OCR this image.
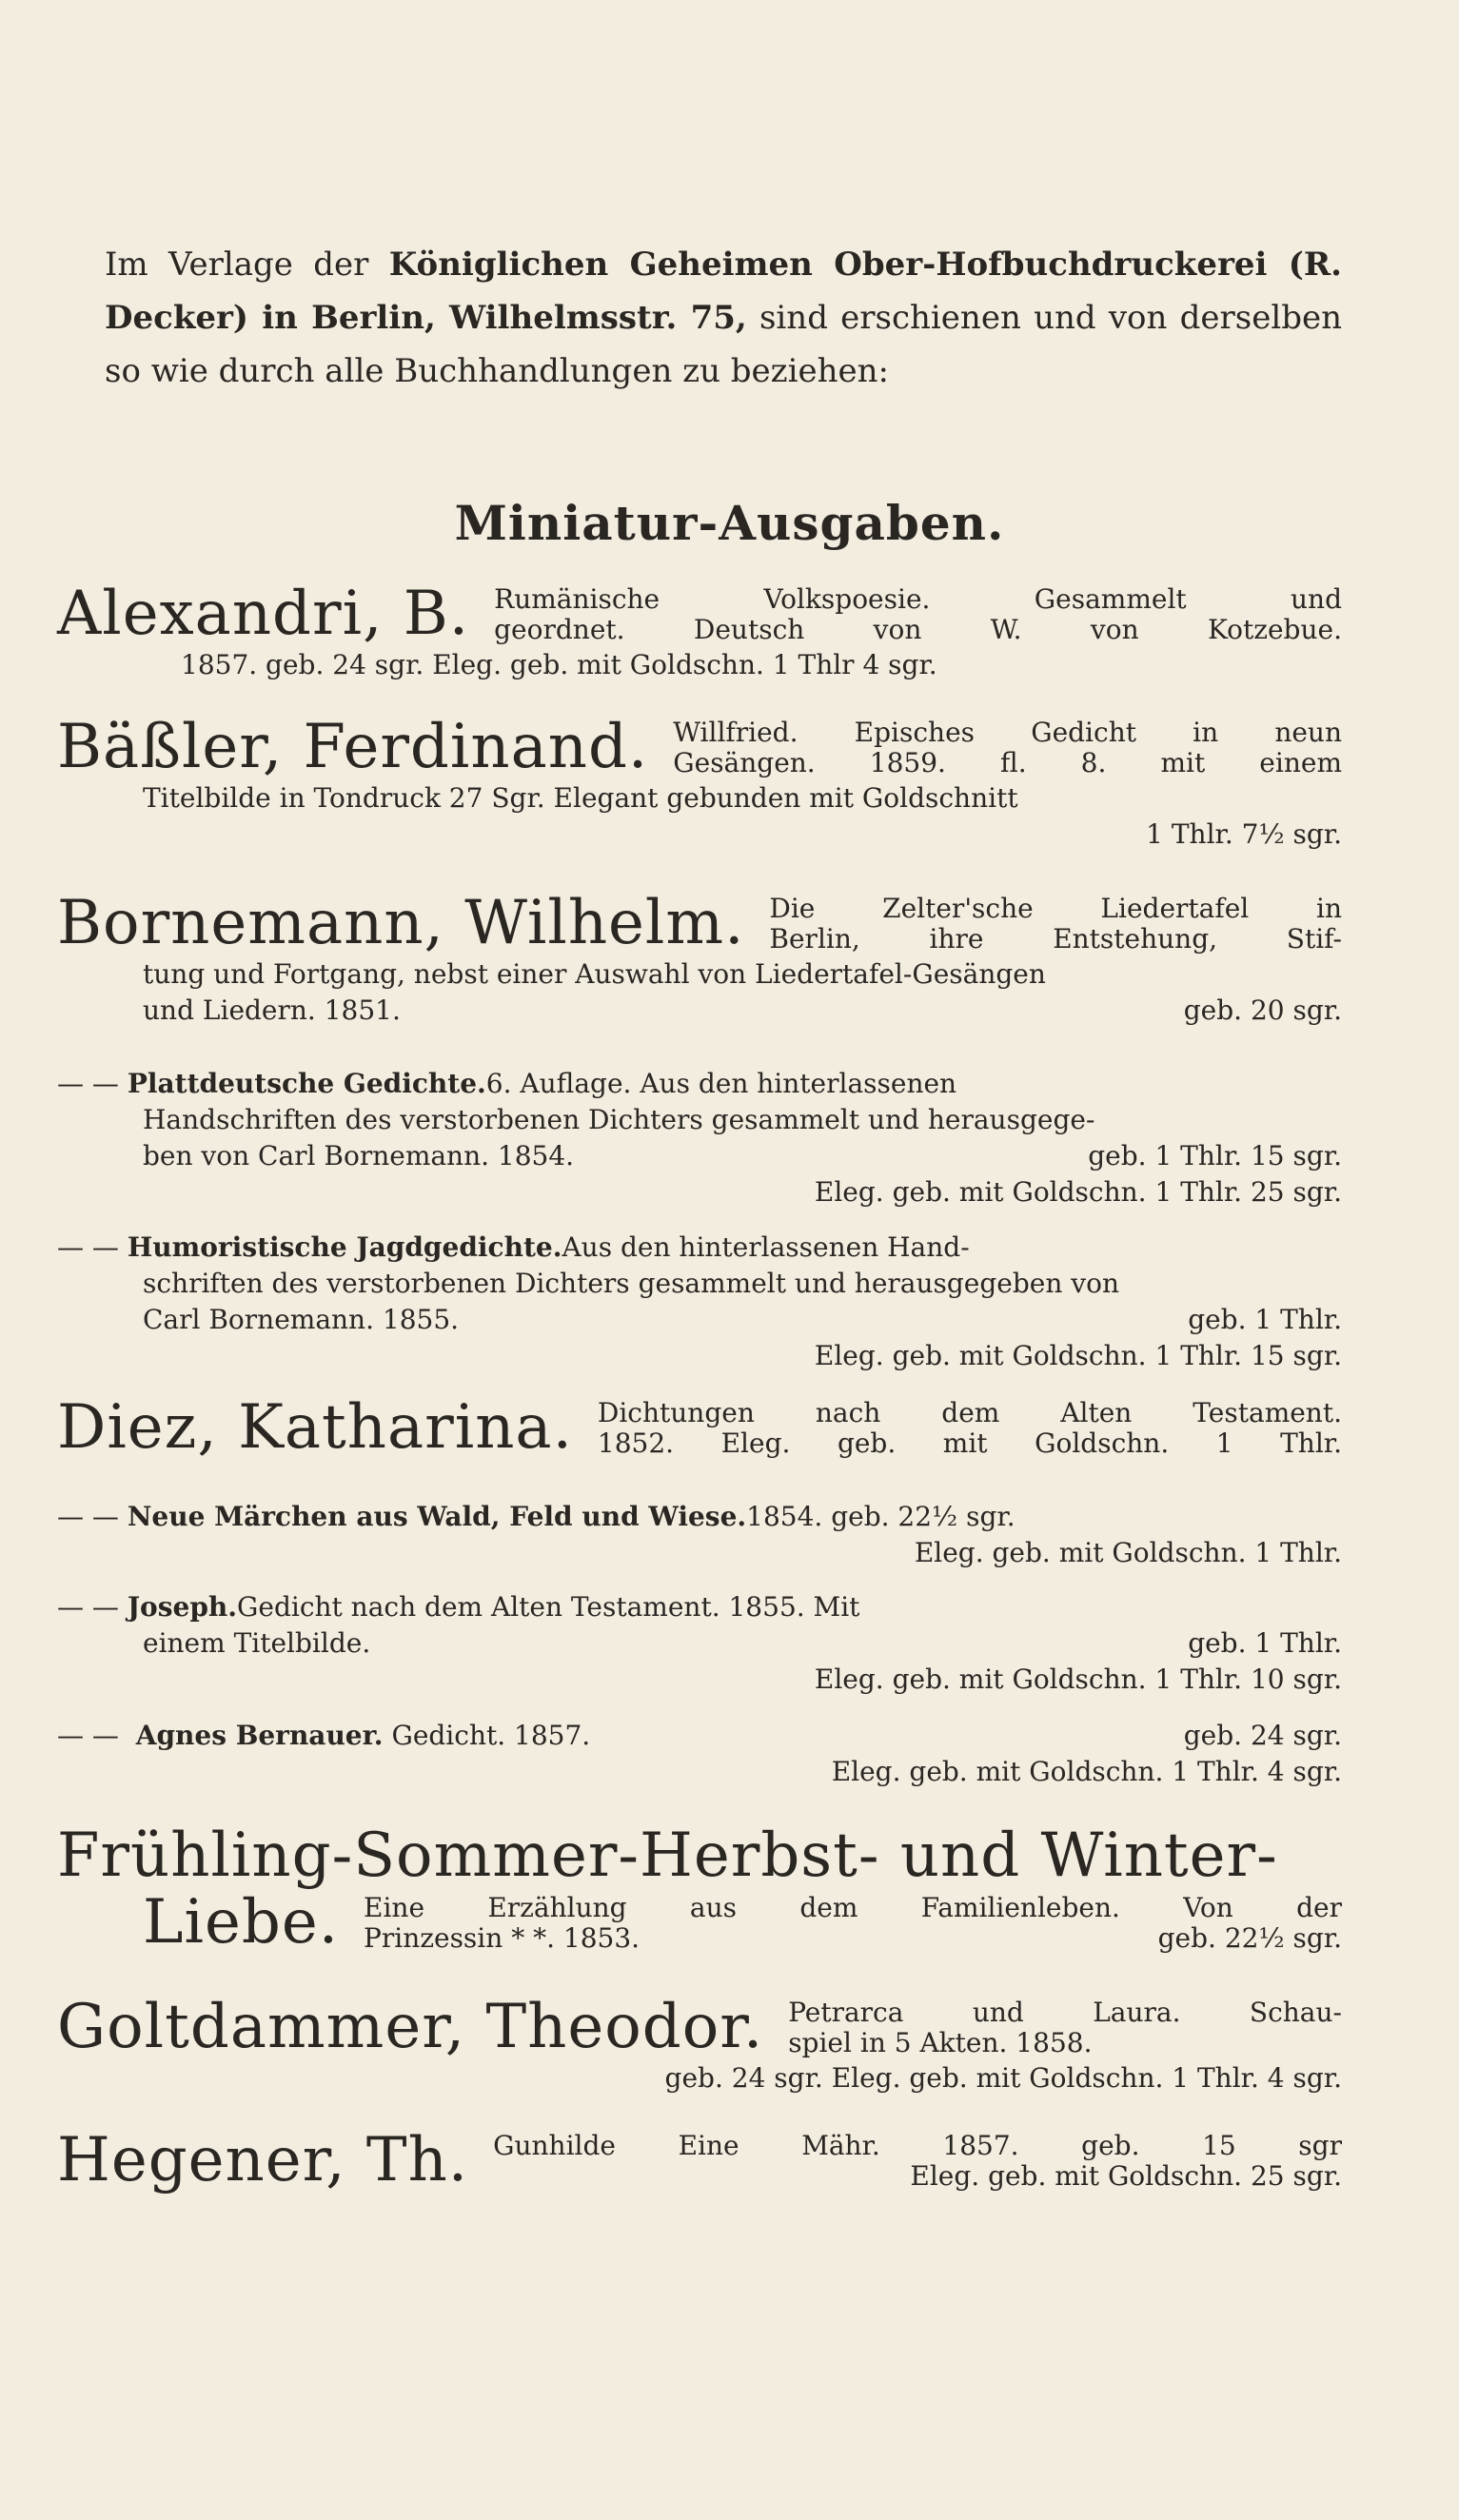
Im Verlage der Königlichen Geheimen Ober-Hofbuchdruckerei (R. Decker) in Berlin, Wilhelmsstr. 75, sind erschienen und von derselben so wie durch alle Buchhandlungen zu beziehen:
Miniatur-Ausgaben.
Alexandri, B. Rumänische Volkspoesie. Gesammelt und
geordnet. Deutsch von W. von Kotzebue.
1857. geb. 24 sgr. Eleg. geb. mit Goldschn. 1 Thlr 4 sgr.
Bäßler, Ferdinand. Willfried. Episches Gedicht in neun
Gesängen. 1859. fl. 8. mit einem
Titelbilde in Tondruck 27 Sgr. Elegant gebunden mit Goldschnitt
1 Thlr. 7½ sgr.
Bornemann, Wilhelm. Die Zelter'sche Liedertafel in
Berlin, ihre Entstehung, Stif-
tung und Fortgang, nebst einer Auswahl von Liedertafel-Gesängen
und Liedern. 1851.	geb. 20 sgr.
— —
Plattdeutsche Gedichte. 6. Auflage. Aus den hinterlassenen
Handschriften des verstorbenen Dichters gesammelt und herausgege-
ben von Carl Bornemann. 1854.	geb. 1 Thlr. 15 sgr.
Eleg. geb. mit Goldschn. 1 Thlr. 25 sgr.
— —
Humoristische Jagdgedichte. Aus den hinterlassenen Hand-
schriften des verstorbenen Dichters gesammelt und herausgegeben von
Carl Bornemann. 1855.	geb. 1 Thlr.
Eleg. geb. mit Goldschn. 1 Thlr. 15 sgr.
Diez, Katharina. Dichtungen nach dem Alten Testament.
1852. Eleg. geb. mit Goldschn. 1 Thlr.
— —
Neue Märchen aus Wald, Feld und Wiese. 1854. geb. 22½ sgr.
Eleg. geb. mit Goldschn. 1 Thlr.
— —
Joseph. Gedicht nach dem Alten Testament. 1855. Mit
einem Titelbilde.	geb. 1 Thlr.
Eleg. geb. mit Goldschn. 1 Thlr. 10 sgr.
— —  Agnes Bernauer. Gedicht. 1857.	geb. 24 sgr.
Eleg. geb. mit Goldschn. 1 Thlr. 4 sgr.
Frühling-Sommer-Herbst- und Winter-
Liebe. Eine Erzählung aus dem Familienleben. Von der
Prinzessin * *. 1853.	geb. 22½ sgr.
Goltdammer, Theodor. Petrarca und Laura. Schau-
spiel in 5 Akten. 1858.
geb. 24 sgr. Eleg. geb. mit Goldschn. 1 Thlr. 4 sgr.
Hegener, Th. Gunhilde Eine Mähr. 1857. geb. 15 sgr
Eleg. geb. mit Goldschn. 25 sgr.
